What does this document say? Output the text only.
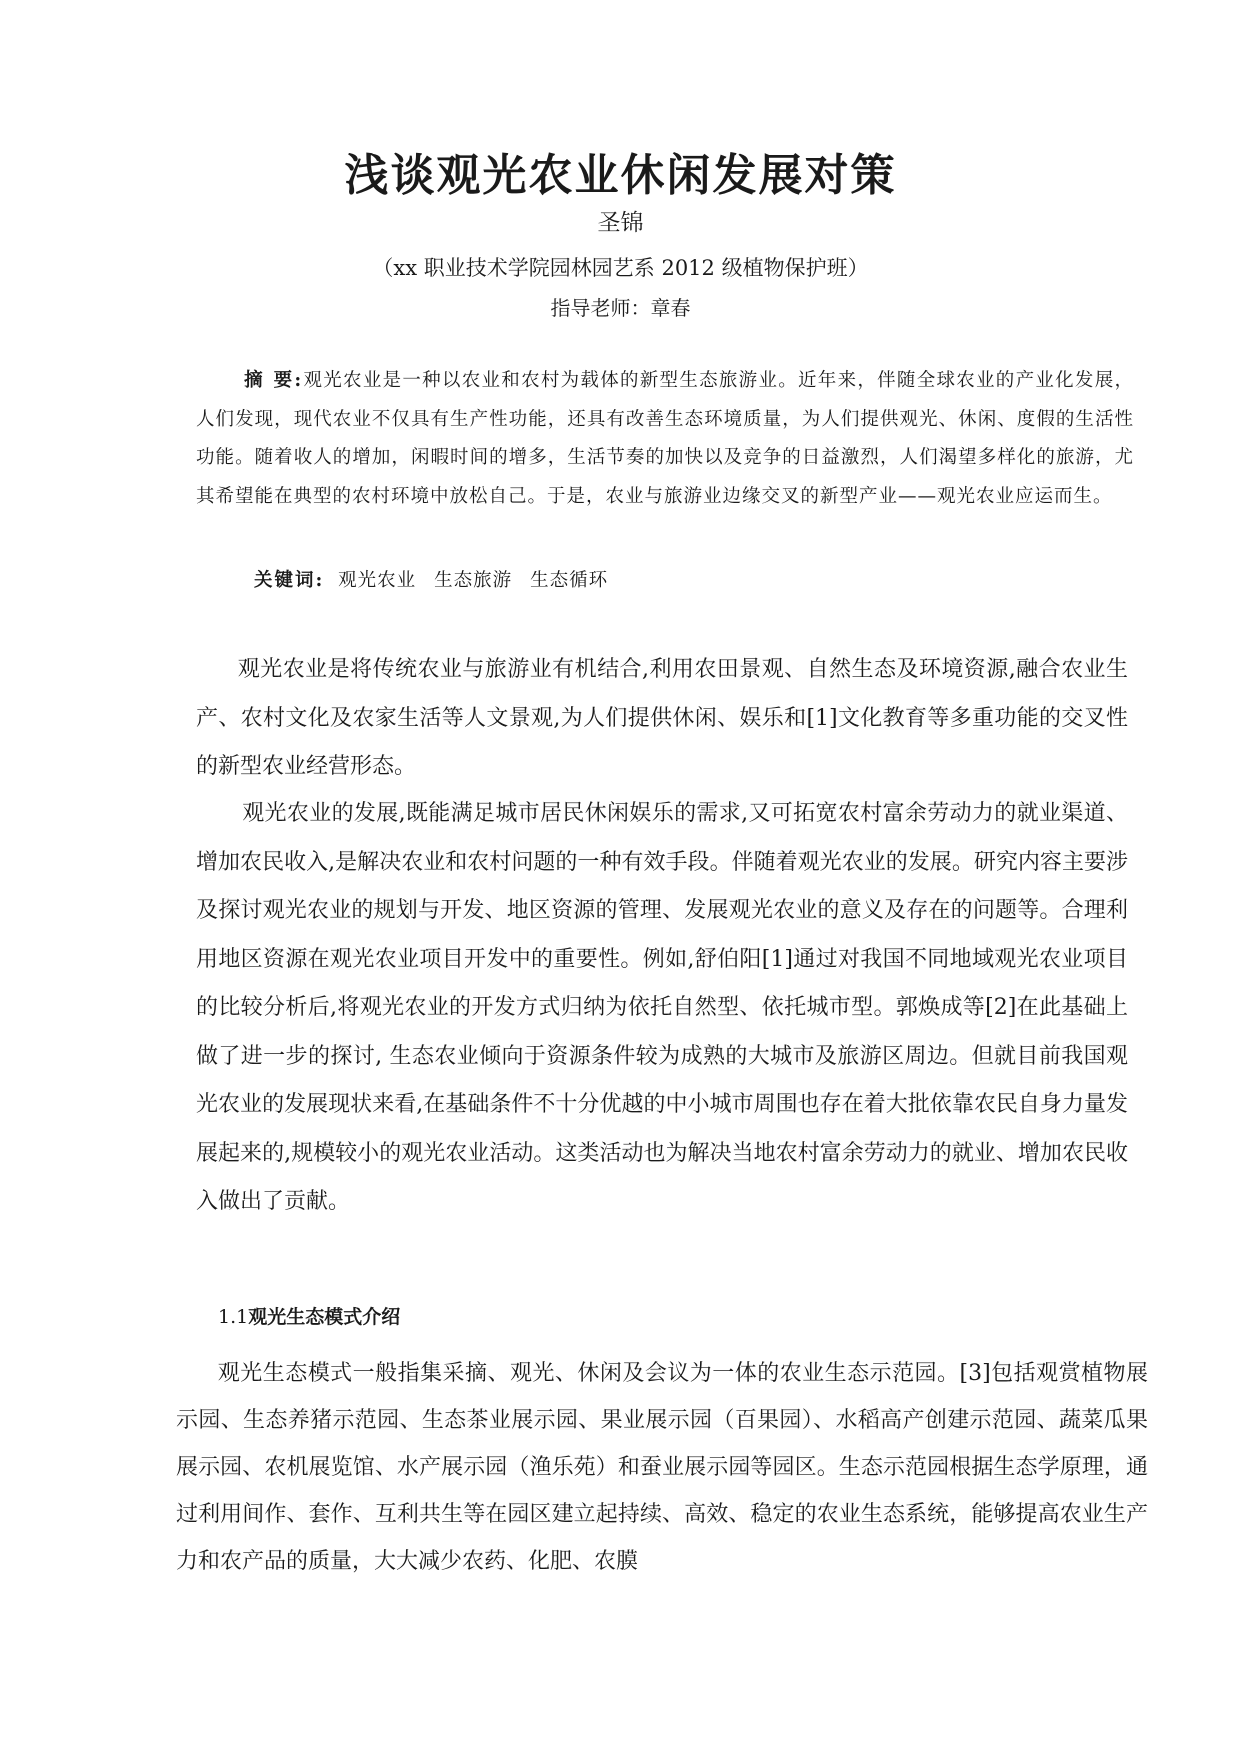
浅谈观光农业休闲发展对策
圣锦
（xx 职业技术学院园林园艺系 2012 级植物保护班）
指导老师：章春

摘 要:观光农业是一种以农业和农村为载体的新型生态旅游业。近年来，伴随全球农业的产业化发展，人们发现，现代农业不仅具有生产性功能，还具有改善生态环境质量，为人们提供观光、休闲、度假的生活性功能。随着收人的增加，闲暇时间的增多，生活节奏的加快以及竞争的日益激烈，人们渴望多样化的旅游，尤其希望能在典型的农村环境中放松自己。于是，农业与旅游业边缘交叉的新型产业——观光农业应运而生。

关键词: 观光农业 生态旅游 生态循环

观光农业是将传统农业与旅游业有机结合,利用农田景观、自然生态及环境资源,融合农业生产、农村文化及农家生活等人文景观,为人们提供休闲、娱乐和[1]文化教育等多重功能的交叉性的新型农业经营形态。

观光农业的发展,既能满足城市居民休闲娱乐的需求,又可拓宽农村富余劳动力的就业渠道、增加农民收入,是解决农业和农村问题的一种有效手段。伴随着观光农业的发展。研究内容主要涉及探讨观光农业的规划与开发、地区资源的管理、发展观光农业的意义及存在的问题等。合理利用地区资源在观光农业项目开发中的重要性。例如,舒伯阳[1]通过对我国不同地域观光农业项目的比较分析后,将观光农业的开发方式归纳为依托自然型、依托城市型。郭焕成等[2]在此基础上做了进一步的探讨, 生态农业倾向于资源条件较为成熟的大城市及旅游区周边。但就目前我国观光农业的发展现状来看,在基础条件不十分优越的中小城市周围也存在着大批依靠农民自身力量发展起来的,规模较小的观光农业活动。这类活动也为解决当地农村富余劳动力的就业、增加农民收入做出了贡献。

1.1观光生态模式介绍

观光生态模式一般指集采摘、观光、休闲及会议为一体的农业生态示范园。[3]包括观赏植物展示园、生态养猪示范园、生态茶业展示园、果业展示园（百果园）、水稻高产创建示范园、蔬菜瓜果展示园、农机展览馆、水产展示园（渔乐苑）和蚕业展示园等园区。生态示范园根据生态学原理，通过利用间作、套作、互利共生等在园区建立起持续、高效、稳定的农业生态系统，能够提高农业生产力和农产品的质量，大大减少农药、化肥、农膜
